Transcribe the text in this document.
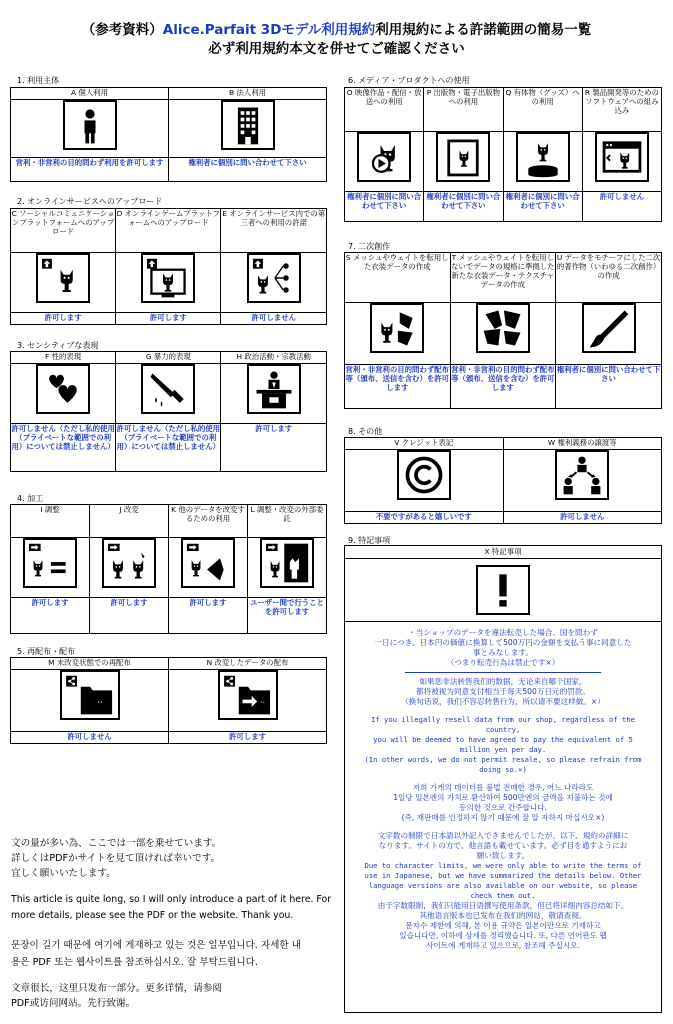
（参考資料）Alice.Parfait 3Dモデル利用規約利用規約による許諾範囲の簡易一覧
必ず利用規約本文を併せてご確認ください
1. 利用主体
A 個人利用	B 法人利用

営利・非営利の目的問わず利用を許可します	権利者に個別に問い合わせて下さい
2. オンラインサービスへのアップロード
C ソーシャルコミュニケーションプラットフォームへのアップロード	D オンラインゲームプラットフォームへのアップロード	E オンラインサービス内での第三者への利用の許諾

許可します	許可します	許可しません
3. センシティブな表現
F 性的表現	G 暴力的表現	H 政治活動・宗教活動

許可しません（ただし私的使用（プライベートな範囲での利用）については禁止しません）	許可しません（ただし私的使用（プライベートな範囲での利用）については禁止しません）	許可します
4. 加工
I 調整	J 改変	K 他のデータを改変するための利用	L 調整・改変の外部委託

許可します	許可します	許可します	ユーザー間で行うことを許可します
5. 再配布・配布
M 未改変状態での再配布	N 改変したデータの配布

許可しません	許可します
6. メディア・プロダクトへの使用
O 映像作品・配信・放送への利用	P 出版物・電子出版物への利用	Q 有体物（グッズ）への利用	R 製品開発等のためのソフトウェアへの組み込み

権利者に個別に問い合わせて下さい	権利者に個別に問い合わせて下さい	権利者に個別に問い合わせて下さい	許可しません
7. 二次創作
S メッシュやウェイトを転用した衣装データの作成	T メッシュやウェイトを転用しないでデータの規格に準拠した新たな衣装データ・テクスチャデータの作成	U データをモチーフにした二次的著作物（いわゆる二次創作）の作成

営利・非営利の目的問わず配布等（頒布、送信を含む）を許可します	営利・非営利の目的問わず配布等（頒布、送信を含む）を許可します	権利者に個別に問い合わせて下さい
8. その他
V クレジット表記	W 権利義務の譲渡等

不要ですがあると嬉しいです	許可しません
9. 特記事項
X 特記事項
・当ショップのデータを違法転売した場合、国を問わず
一日につき、日本円の価値に換算して500万円の金額を支払う事に同意した
事とみなします。
（つまり転売行為は禁止です×）
如果您非法转售我们的数据，无论来自哪个国家，
都将被视为同意支付相当于每天500万日元的罚款。
（换句话说，我们不容忍转售行为，所以请不要这样做。×）
If you illegally resell data from our shop, regardless of the
country,
you will be deemed to have agreed to pay the equivalent of 5
million yen per day.
(In other words, we do not permit resale, so please refrain from
doing so.×)
저희 가게의 데이터를 불법 전매한 경우, 어느 나라라도
1일당 일본엔의 가치로 환산하여 500만엔의 금액을 지불하는 것에
동의한 것으로 간주합니다.
(즉, 재판매를 인정하지 않기 때문에 잘 알 자하지 마십시오×)
文字数の制限で日本語以外記入できませんでしたが、以下、規約の詳細に
なります。サイトの方で、他言語も載せています。必ず目を通すようにお
願い致します。
Due to character limits, we were only able to write the terms of
use in Japanese, but we have summarized the details below. Other
language versions are also available on our website, so please
check them out.
由于字数限制，我们只能用日语撰写使用条款，但已将详细内容总结如下。
其他语言版本也已发布在我们的网站，敬请查阅。
문자수 제한에 의해, 본 이용 규약은 일본어만으로 기재하고
있습니다만, 이하에 상세를 정리했습니다. 또, 다른 언어판도 웹
사이트에 게재하고 있으므로, 참조해 주십시오.
文の量が多い為、ここでは一部を乗せています。
詳しくはPDFかサイトを見て頂ければ幸いです。
宜しく願いいたします。
This article is quite long, so I will only introduce a part of it here. For
more details, please see the PDF or the website. Thank you.
문장이 길기 때문에 여기에 게재하고 있는 것은 일부입니다. 자세한 내
용은 PDF 또는 웹사이트를 참조하십시오. 잘 부탁드립니다.
文章很长，这里只发布一部分。更多详情，请参阅
PDF或访问网站。先行致谢。
